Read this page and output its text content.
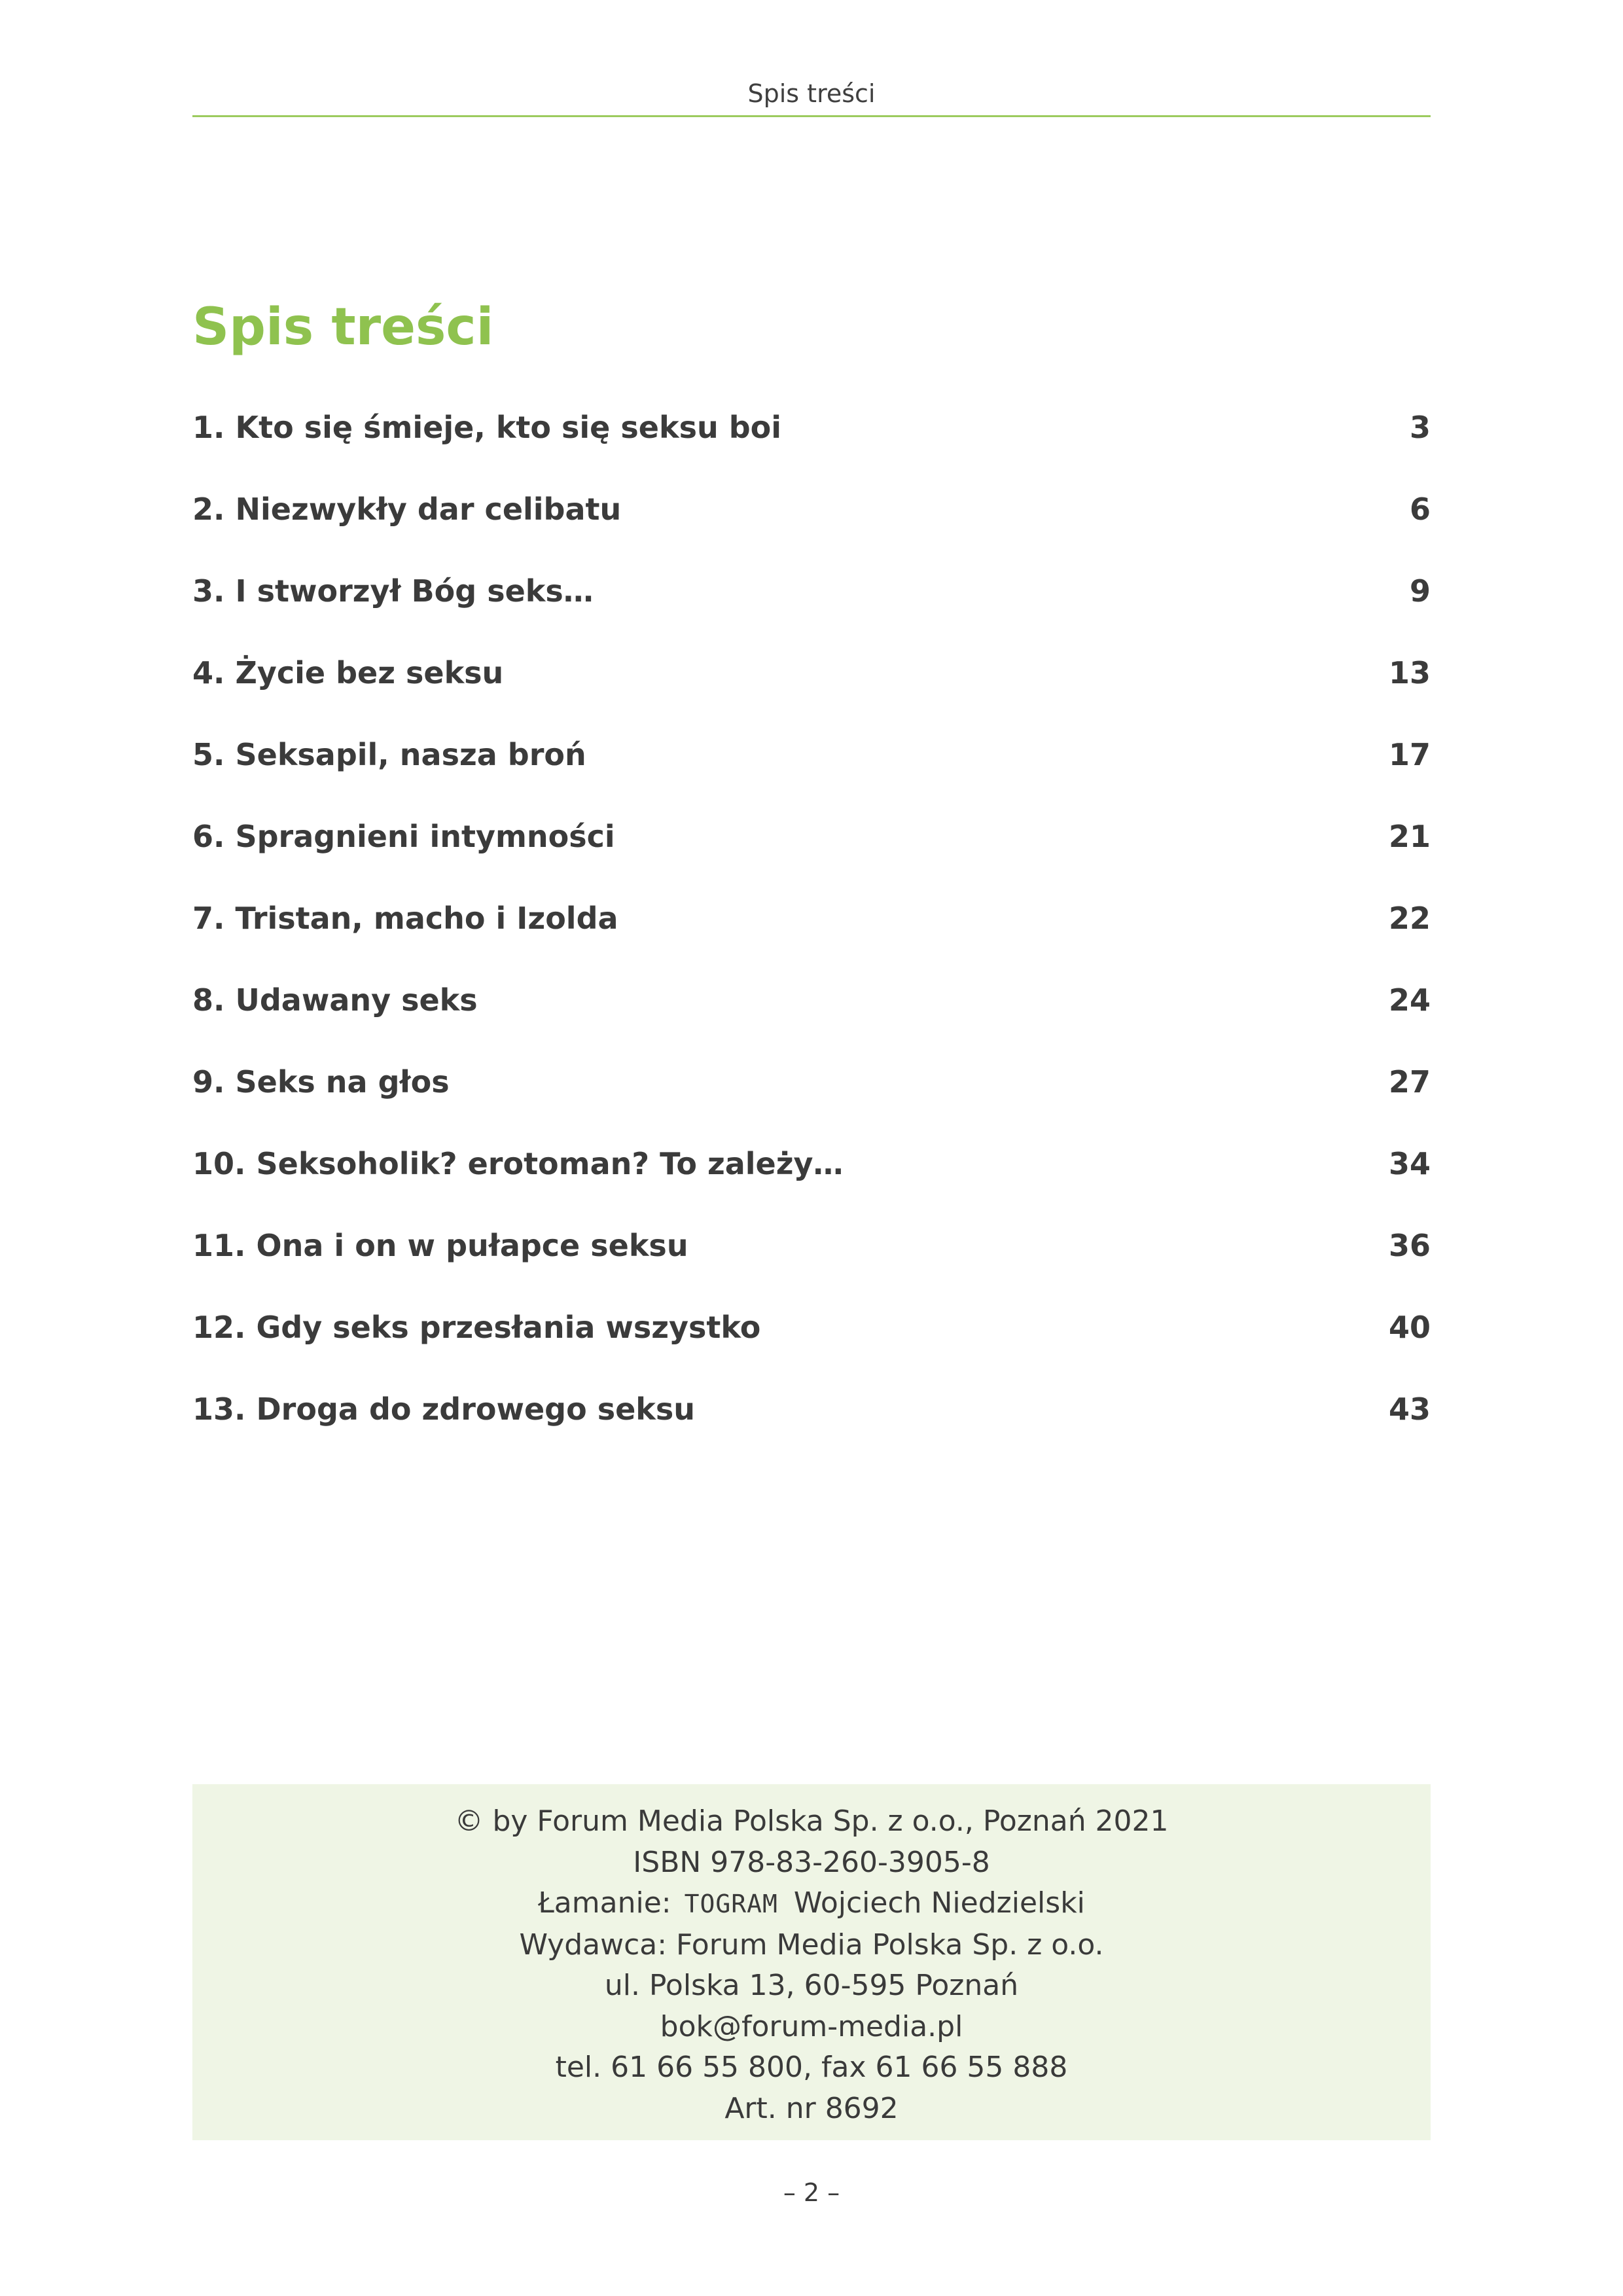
Spis treści
Spis treści
1. Kto się śmieje, kto się seksu boi	3
2. Niezwykły dar celibatu	6
3. I stworzył Bóg seks…	9
4. Życie bez seksu	13
5. Seksapil, nasza broń	17
6. Spragnieni intymności	21
7. Tristan, macho i Izolda	22
8. Udawany seks	24
9. Seks na głos	27
10. Seksoholik? erotoman? To zależy…	34
11. Ona i on w pułapce seksu	36
12. Gdy seks przesłania wszystko	40
13. Droga do zdrowego seksu	43
© by Forum Media Polska Sp. z o.o., Poznań 2021
ISBN 978-83-260-3905-8
Łamanie: TOGRAM Wojciech Niedzielski
Wydawca: Forum Media Polska Sp. z o.o.
ul. Polska 13, 60-595 Poznań
bok@forum-media.pl
tel. 61 66 55 800, fax 61 66 55 888
Art. nr 8692
– 2 –
